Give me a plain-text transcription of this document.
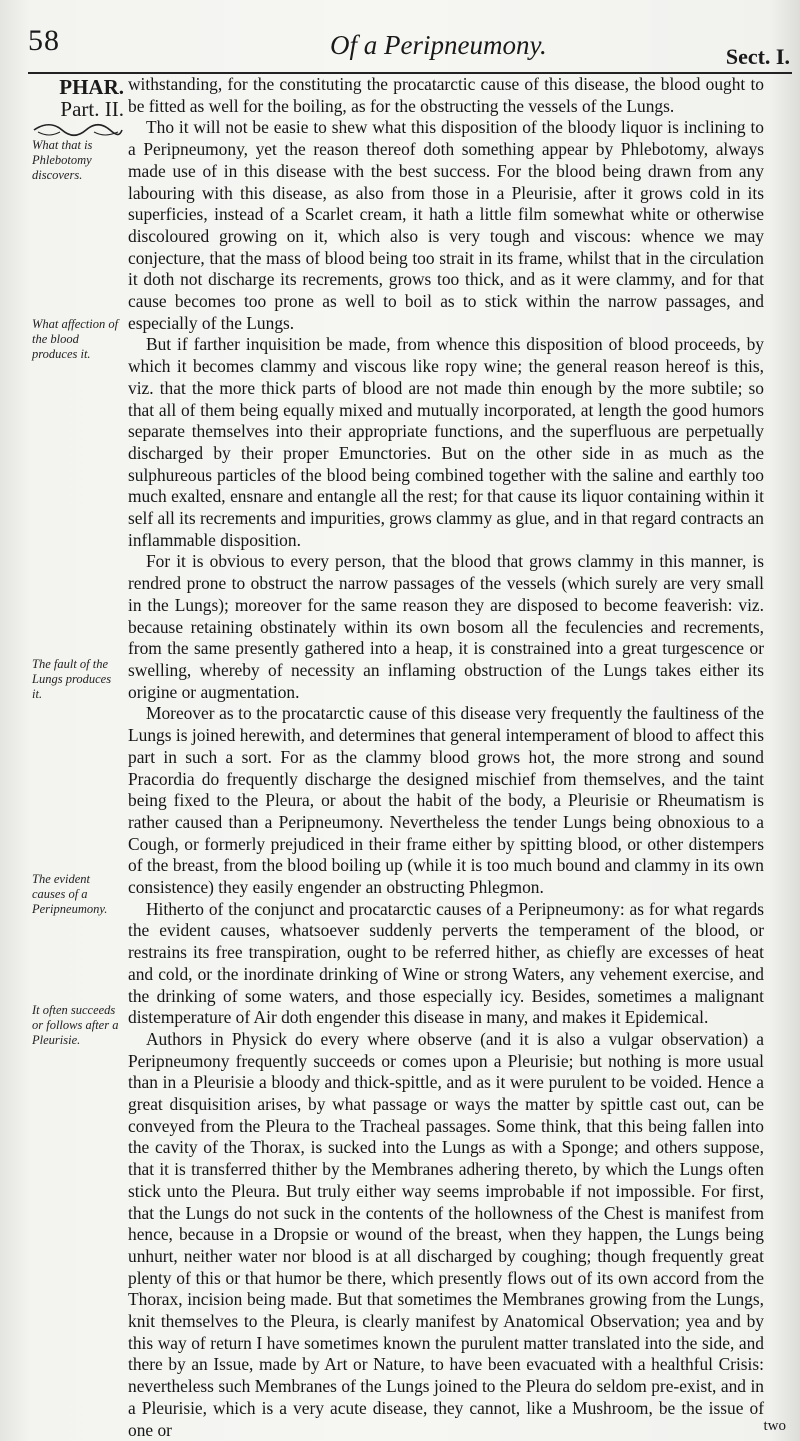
58	Of a Peripneumony.	Sect. I.
PHAR.
Part. II.
What that is Phlebotomy discovers.
What affection of the blood produces it.
The fault of the Lungs produces it.
The evident causes of a Peripneumony.
It often succeeds or follows after a Pleurisie.

withstanding, for the constituting the procatarctic cause of this disease, the blood ought to be fitted as well for the boiling, as for the obstructing the vessels of the Lungs.

Tho it will not be easie to shew what this disposition of the bloody liquor is inclining to a Peripneumony, yet the reason thereof doth something appear by Phlebotomy, always made use of in this disease with the best success. For the blood being drawn from any labouring with this disease, as also from those in a Pleurisie, after it grows cold in its superficies, instead of a Scarlet cream, it hath a little film somewhat white or otherwise discoloured growing on it, which also is very tough and viscous: whence we may conjecture, that the mass of blood being too strait in its frame, whilst that in the circulation it doth not discharge its recrements, grows too thick, and as it were clammy, and for that cause becomes too prone as well to boil as to stick within the narrow passages, and especially of the Lungs.

But if farther inquisition be made, from whence this disposition of blood proceeds, by which it becomes clammy and viscous like ropy wine; the general reason hereof is this, viz. that the more thick parts of blood are not made thin enough by the more subtile; so that all of them being equally mixed and mutually incorporated, at length the good humors separate themselves into their appropriate functions, and the superfluous are perpetually discharged by their proper Emunctories. But on the other side in as much as the sulphureous particles of the blood being combined together with the saline and earthly too much exalted, ensnare and entangle all the rest; for that cause its liquor containing within it self all its recrements and impurities, grows clammy as glue, and in that regard contracts an inflammable disposition.

For it is obvious to every person, that the blood that grows clammy in this manner, is rendred prone to obstruct the narrow passages of the vessels (which surely are very small in the Lungs); moreover for the same reason they are disposed to become feaverish: viz. because retaining obstinately within its own bosom all the feculencies and recrements, from the same presently gathered into a heap, it is constrained into a great turgescence or swelling, whereby of necessity an inflaming obstruction of the Lungs takes either its origine or augmentation.

Moreover as to the procatarctic cause of this disease very frequently the faultiness of the Lungs is joined herewith, and determines that general intemperament of blood to affect this part in such a sort. For as the clammy blood grows hot, the more strong and sound Pracordia do frequently discharge the designed mischief from themselves, and the taint being fixed to the Pleura, or about the habit of the body, a Pleurisie or Rheumatism is rather caused than a Peripneumony. Nevertheless the tender Lungs being obnoxious to a Cough, or formerly prejudiced in their frame either by spitting blood, or other distempers of the breast, from the blood boiling up (while it is too much bound and clammy in its own consistence) they easily engender an obstructing Phlegmon.

Hitherto of the conjunct and procatarctic causes of a Peripneumony: as for what regards the evident causes, whatsoever suddenly perverts the temperament of the blood, or restrains its free transpiration, ought to be referred hither, as chiefly are excesses of heat and cold, or the inordinate drinking of Wine or strong Waters, any vehement exercise, and the drinking of some waters, and those especially icy. Besides, sometimes a malignant distemperature of Air doth engender this disease in many, and makes it Epidemical.

Authors in Physick do every where observe (and it is also a vulgar observation) a Peripneumony frequently succeeds or comes upon a Pleurisie; but nothing is more usual than in a Pleurisie a bloody and thick-spittle, and as it were purulent to be voided. Hence a great disquisition arises, by what passage or ways the matter by spittle cast out, can be conveyed from the Pleura to the Tracheal passages. Some think, that this being fallen into the cavity of the Thorax, is sucked into the Lungs as with a Sponge; and others suppose, that it is transferred thither by the Membranes adhering thereto, by which the Lungs often stick unto the Pleura. But truly either way seems improbable if not impossible. For first, that the Lungs do not suck in the contents of the hollowness of the Chest is manifest from hence, because in a Dropsie or wound of the breast, when they happen, the Lungs being unhurt, neither water nor blood is at all discharged by coughing; though frequently great plenty of this or that humor be there, which presently flows out of its own accord from the Thorax, incision being made. But that sometimes the Membranes growing from the Lungs, knit themselves to the Pleura, is clearly manifest by Anatomical Observation; yea and by this way of return I have sometimes known the purulent matter translated into the side, and there by an Issue, made by Art or Nature, to have been evacuated with a healthful Crisis: nevertheless such Membranes of the Lungs joined to the Pleura do seldom pre-exist, and in a Pleurisie, which is a very acute disease, they cannot, like a Mushroom, be the issue of one or	two
